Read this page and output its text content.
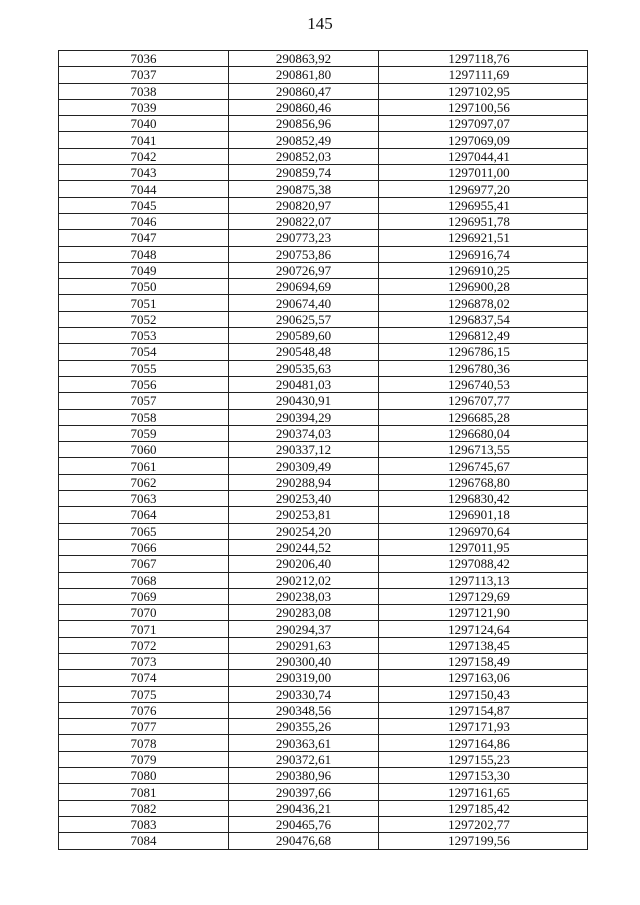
145
7036	290863,92	1297118,76
7037	290861,80	1297111,69
7038	290860,47	1297102,95
7039	290860,46	1297100,56
7040	290856,96	1297097,07
7041	290852,49	1297069,09
7042	290852,03	1297044,41
7043	290859,74	1297011,00
7044	290875,38	1296977,20
7045	290820,97	1296955,41
7046	290822,07	1296951,78
7047	290773,23	1296921,51
7048	290753,86	1296916,74
7049	290726,97	1296910,25
7050	290694,69	1296900,28
7051	290674,40	1296878,02
7052	290625,57	1296837,54
7053	290589,60	1296812,49
7054	290548,48	1296786,15
7055	290535,63	1296780,36
7056	290481,03	1296740,53
7057	290430,91	1296707,77
7058	290394,29	1296685,28
7059	290374,03	1296680,04
7060	290337,12	1296713,55
7061	290309,49	1296745,67
7062	290288,94	1296768,80
7063	290253,40	1296830,42
7064	290253,81	1296901,18
7065	290254,20	1296970,64
7066	290244,52	1297011,95
7067	290206,40	1297088,42
7068	290212,02	1297113,13
7069	290238,03	1297129,69
7070	290283,08	1297121,90
7071	290294,37	1297124,64
7072	290291,63	1297138,45
7073	290300,40	1297158,49
7074	290319,00	1297163,06
7075	290330,74	1297150,43
7076	290348,56	1297154,87
7077	290355,26	1297171,93
7078	290363,61	1297164,86
7079	290372,61	1297155,23
7080	290380,96	1297153,30
7081	290397,66	1297161,65
7082	290436,21	1297185,42
7083	290465,76	1297202,77
7084	290476,68	1297199,56
